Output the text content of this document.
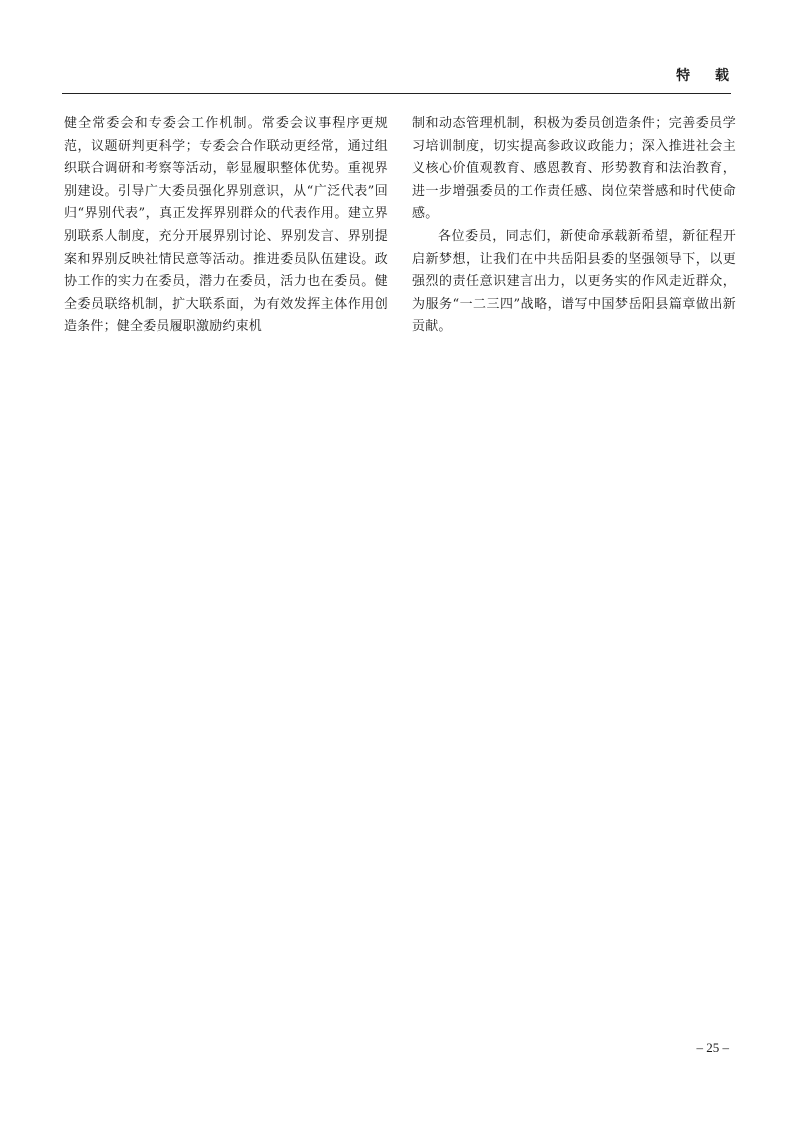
特 载

健全常委会和专委会工作机制。常委会议事程序更规范，议题研判更科学；专委会合作联动更经常，通过组织联合调研和考察等活动，彰显履职整体优势。重视界别建设。引导广大委员强化界别意识，从“广泛代表”回归“界别代表”，真正发挥界别群众的代表作用。建立界别联系人制度，充分开展界别讨论、界别发言、界别提案和界别反映社情民意等活动。推进委员队伍建设。政协工作的实力在委员，潜力在委员，活力也在委员。健全委员联络机制，扩大联系面，为有效发挥主体作用创造条件；健全委员履职激励约束机

制和动态管理机制，积极为委员创造条件；完善委员学习培训制度，切实提高参政议政能力；深入推进社会主义核心价值观教育、感恩教育、形势教育和法治教育，进一步增强委员的工作责任感、岗位荣誉感和时代使命感。

各位委员，同志们，新使命承载新希望，新征程开启新梦想，让我们在中共岳阳县委的坚强领导下，以更强烈的责任意识建言出力，以更务实的作风走近群众，为服务“一二三四”战略，谱写中国梦岳阳县篇章做出新贡献。

– 25 –
